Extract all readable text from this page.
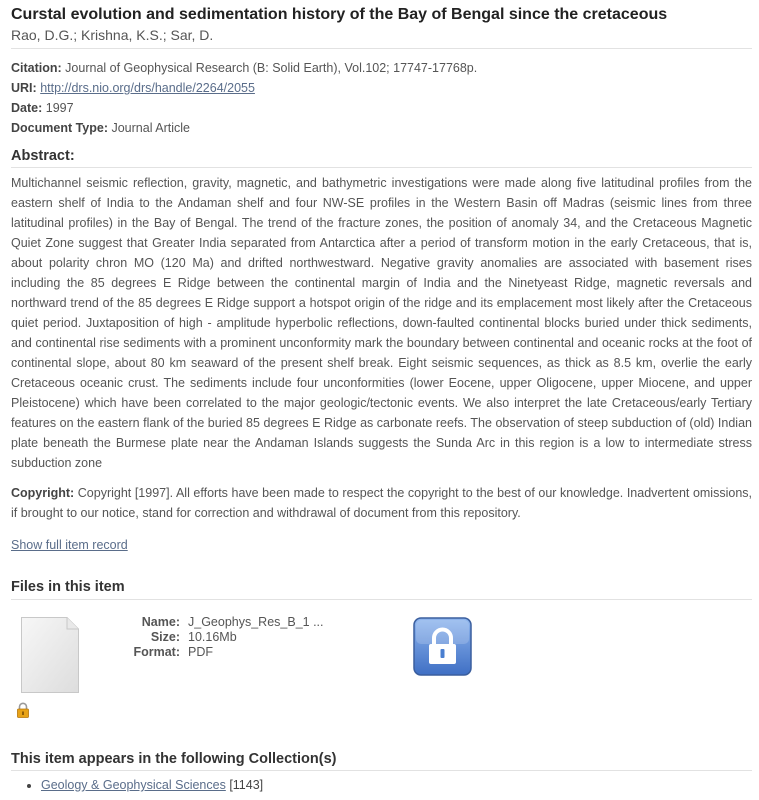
Curstal evolution and sedimentation history of the Bay of Bengal since the cretaceous
Rao, D.G.; Krishna, K.S.; Sar, D.
Citation: Journal of Geophysical Research (B: Solid Earth), Vol.102; 17747-17768p.
URI: http://drs.nio.org/drs/handle/2264/2055
Date: 1997
Document Type: Journal Article
Abstract:

Multichannel seismic reflection, gravity, magnetic, and bathymetric investigations were made along five latitudinal profiles from the eastern shelf of India to the Andaman shelf and four NW-SE profiles in the Western Basin off Madras (seismic lines from three latitudinal profiles) in the Bay of Bengal. The trend of the fracture zones, the position of anomaly 34, and the Cretaceous Magnetic Quiet Zone suggest that Greater India separated from Antarctica after a period of transform motion in the early Cretaceous, that is, about polarity chron MO (120 Ma) and drifted northwestward. Negative gravity anomalies are associated with basement rises including the 85 degrees E Ridge between the continental margin of India and the Ninetyeast Ridge, magnetic reversals and northward trend of the 85 degrees E Ridge support a hotspot origin of the ridge and its emplacement most likely after the Cretaceous quiet period. Juxtaposition of high - amplitude hyperbolic reflections, down-faulted continental blocks buried under thick sediments, and continental rise sediments with a prominent unconformity mark the boundary between continental and oceanic rocks at the foot of continental slope, about 80 km seaward of the present shelf break. Eight seismic sequences, as thick as 8.5 km, overlie the early Cretaceous oceanic crust. The sediments include four unconformities (lower Eocene, upper Oligocene, upper Miocene, and upper Pleistocene) which have been correlated to the major geologic/tectonic events. We also interpret the late Cretaceous/early Tertiary features on the eastern flank of the buried 85 degrees E Ridge as carbonate reefs. The observation of steep subduction of (old) Indian plate beneath the Burmese plate near the Andaman Islands suggests the Sunda Arc in this region is a low to intermediate stress subduction zone

Copyright: Copyright [1997]. All efforts have been made to respect the copyright to the best of our knowledge. Inadvertent omissions, if brought to our notice, stand for correction and withdrawal of document from this repository.

Show full item record
Files in this item
Name: J_Geophys_Res_B_1 ...
Size: 10.16Mb
Format: PDF
This item appears in the following Collection(s)
• Geology & Geophysical Sciences [1143]
